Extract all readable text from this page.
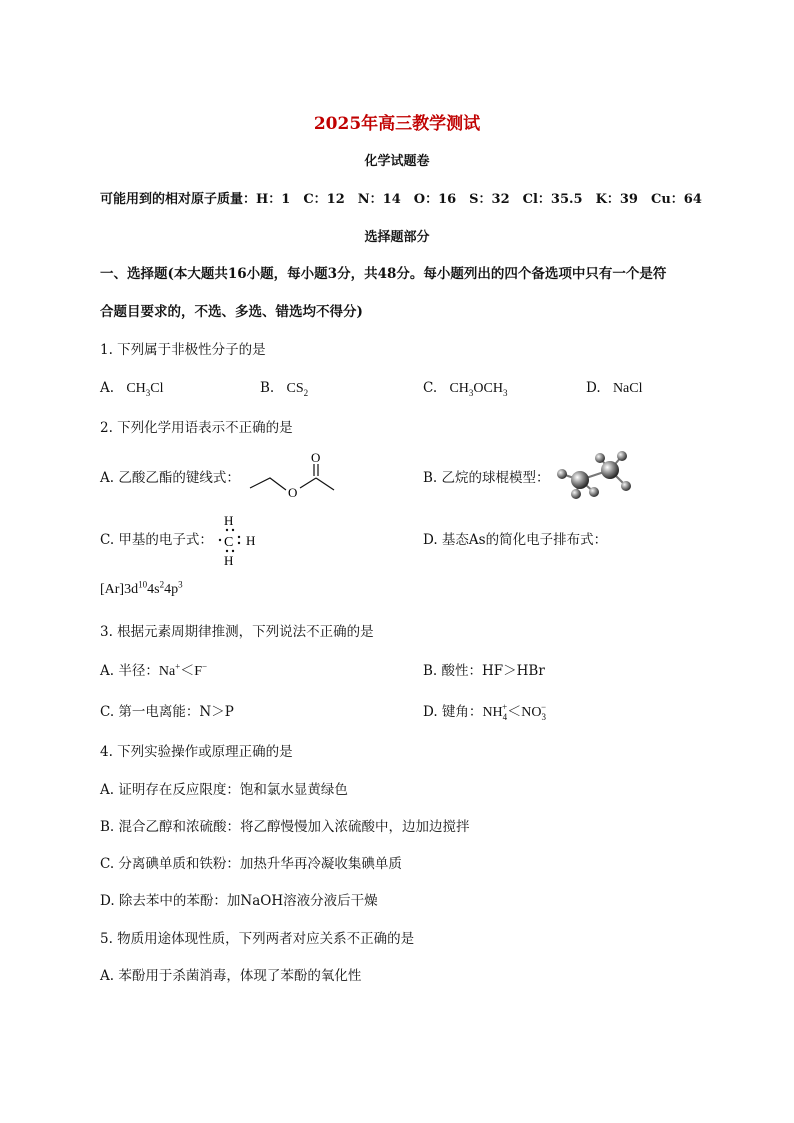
2025年高三教学测试
化学试题卷
可能用到的相对原子质量：H：1　C：12　N：14　O：16　S：32　Cl：35.5　K：39　Cu：64
选择题部分
一、选择题(本大题共16小题，每小题3分，共48分。每小题列出的四个备选项中只有一个是符
合题目要求的，不选、多选、错选均不得分)
1. 下列属于非极性分子的是
A. $CH_3Cl$	B. $CS_2$	C. $CH_3OCH_3$	D. NaCl
2. 下列化学用语表示不正确的是
A. 乙酸乙酯的键线式：
O
O
B. 乙烷的球棍模型：
C. 甲基的电子式：
H
C H
H
D. 基态As的简化电子排布式：
$[Ar]3d^{10}4s^24p^3$
3. 根据元素周期律推测，下列说法不正确的是
A. 半径：Na+＜F−	B. 酸性：HF＞HBr
C. 第一电离能：N＞P	D. 键角：$NH_4^+<NO_3^-$
4. 下列实验操作或原理正确的是
A. 证明存在反应限度：饱和氯水显黄绿色
B. 混合乙醇和浓硫酸：将乙醇慢慢加入浓硫酸中，边加边搅拌
C. 分离碘单质和铁粉：加热升华再冷凝收集碘单质
D. 除去苯中的苯酚：加NaOH溶液分液后干燥
5. 物质用途体现性质，下列两者对应关系不正确的是
A. 苯酚用于杀菌消毒，体现了苯酚的氧化性
